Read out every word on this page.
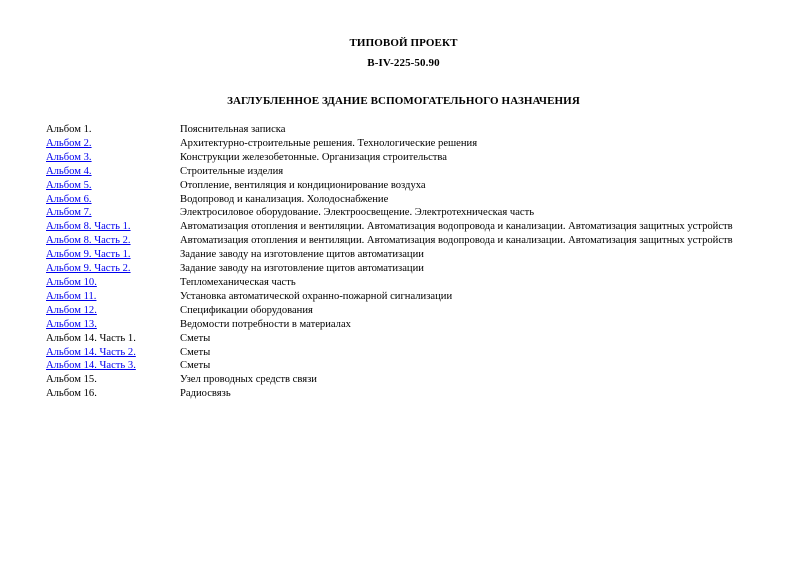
ТИПОВОЙ ПРОЕКТ
В-IV-225-50.90
ЗАГЛУБЛЕННОЕ ЗДАНИЕ ВСПОМОГАТЕЛЬНОГО НАЗНАЧЕНИЯ
Альбом 1.	Пояснительная записка
Альбом 2.	Архитектурно-строительные решения. Технологические решения
Альбом 3.	Конструкции железобетонные. Организация строительства
Альбом 4.	Строительные изделия
Альбом 5.	Отопление, вентиляция и кондиционирование воздуха
Альбом 6.	Водопровод и канализация. Холодоснабжение
Альбом 7.	Электросиловое оборудование. Электроосвещение. Электротехническая часть
Альбом 8. Часть 1.	Автоматизация отопления и вентиляции. Автоматизация водопровода и канализации. Автоматизация защитных устройств
Альбом 8. Часть 2.	Автоматизация отопления и вентиляции. Автоматизация водопровода и канализации. Автоматизация защитных устройств
Альбом 9. Часть 1.	Задание заводу на изготовление щитов автоматизации
Альбом 9. Часть 2.	Задание заводу на изготовление щитов автоматизации
Альбом 10.	Тепломеханическая часть
Альбом 11.	Установка автоматической охранно-пожарной сигнализации
Альбом 12.	Спецификации оборудования
Альбом 13.	Ведомости потребности в материалах
Альбом 14. Часть 1.	Сметы
Альбом 14. Часть 2.	Сметы
Альбом 14. Часть 3.	Сметы
Альбом 15.	Узел проводных средств связи
Альбом 16.	Радиосвязь
